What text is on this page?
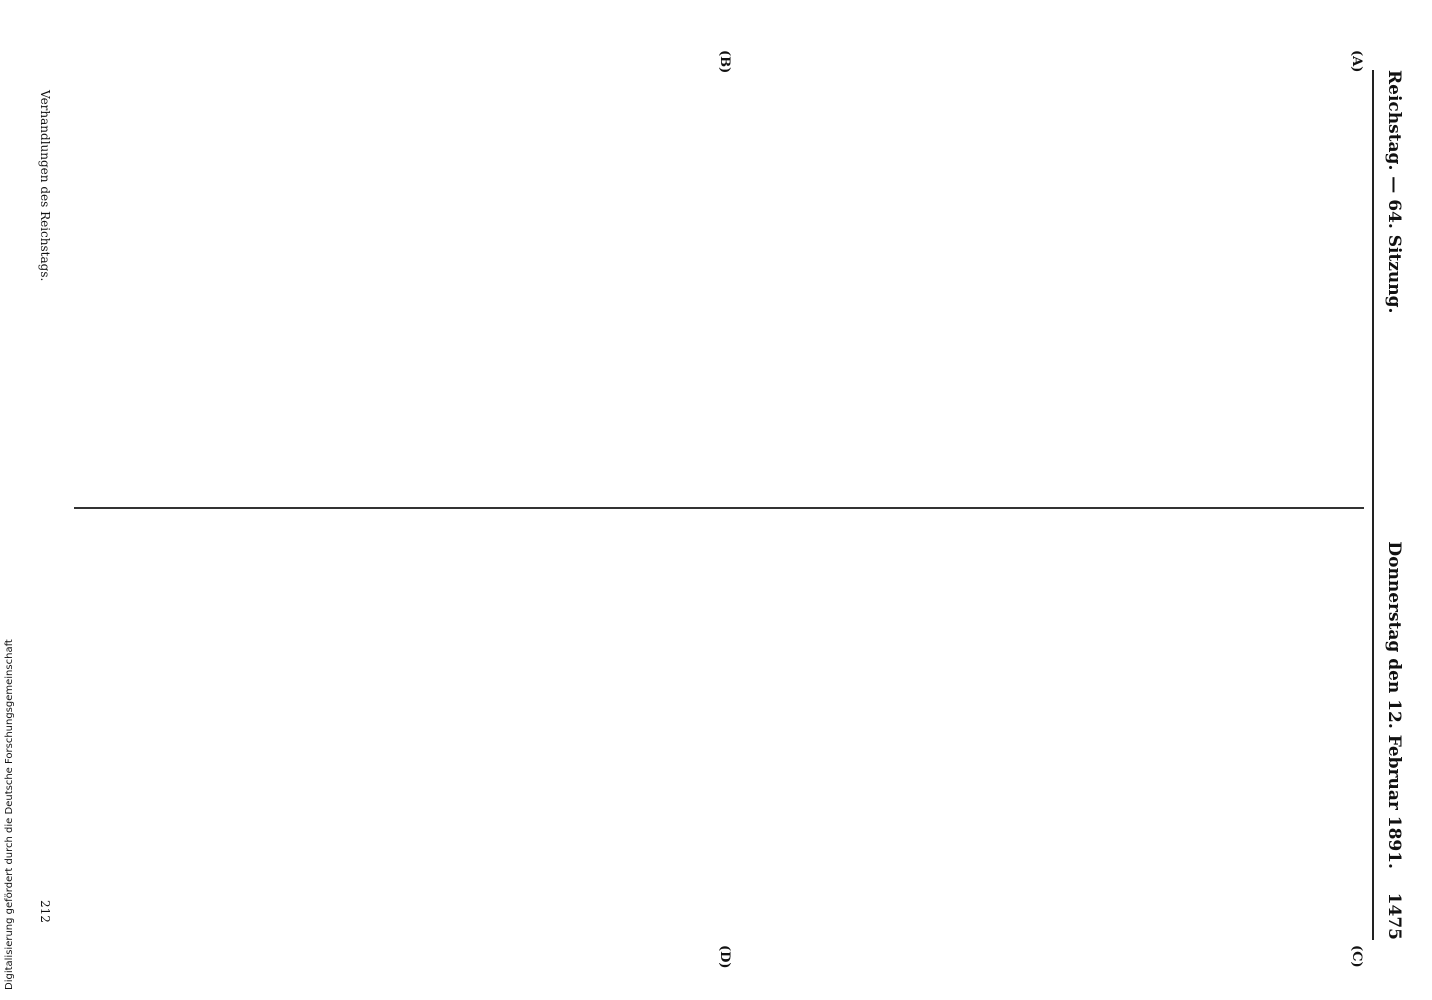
Reichstag. — 64. Sitzung.
Donnerstag den 12. Februar 1891.    1475
(A)
(B)
(C)
(D)
Verhandlungen des Reichstags.
212
Digitalisierung gefördert durch die Deutsche Forschungsgemeinschaft
